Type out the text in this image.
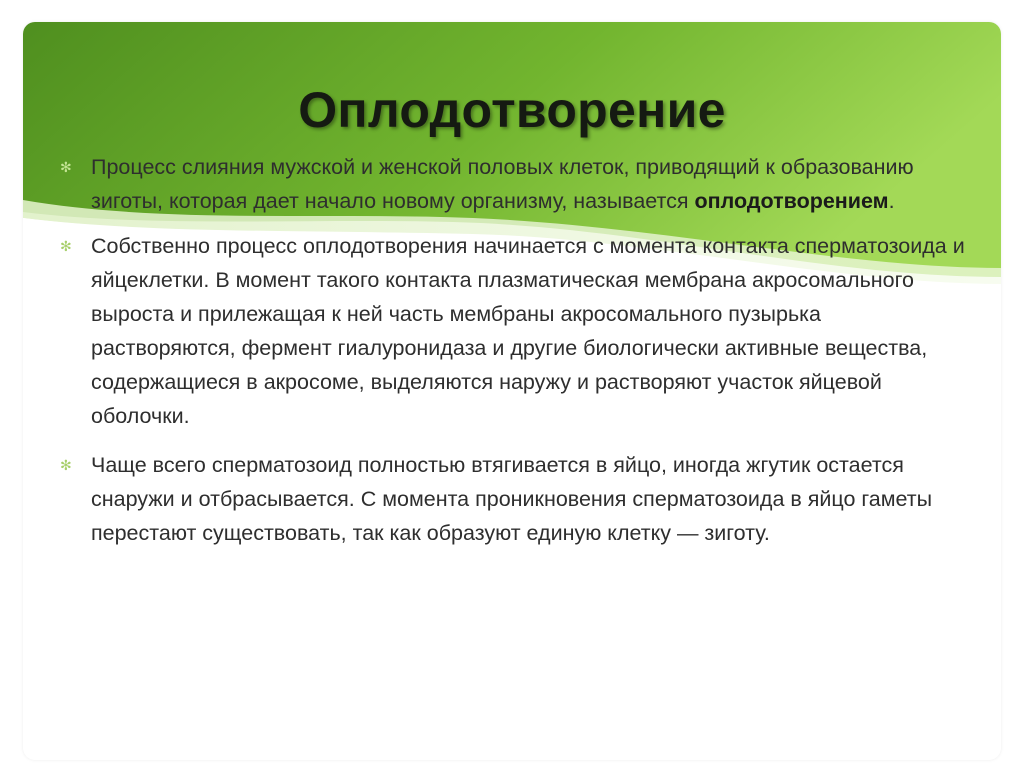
Оплодотворение

✻ Процесс слияния мужской и женской половых клеток, приводящий к образованию зиготы, которая дает начало новому организму, называется оплодотворением.

✻ Собственно процесс оплодотворения начинается с момента контакта сперматозоида и яйцеклетки. В момент такого контакта плазматическая мембрана акросомального выроста и прилежащая к ней часть мембраны акросомального пузырька растворяются, фермент гиалуронидаза и другие биологически активные вещества, содержащиеся в акросоме, выделяются наружу и растворяют участок яйцевой оболочки.

✻ Чаще всего сперматозоид полностью втягивается в яйцо, иногда жгутик остается снаружи и отбрасывается. С момента проникновения сперматозоида в яйцо гаметы перестают существовать, так как образуют единую клетку — зиготу.
